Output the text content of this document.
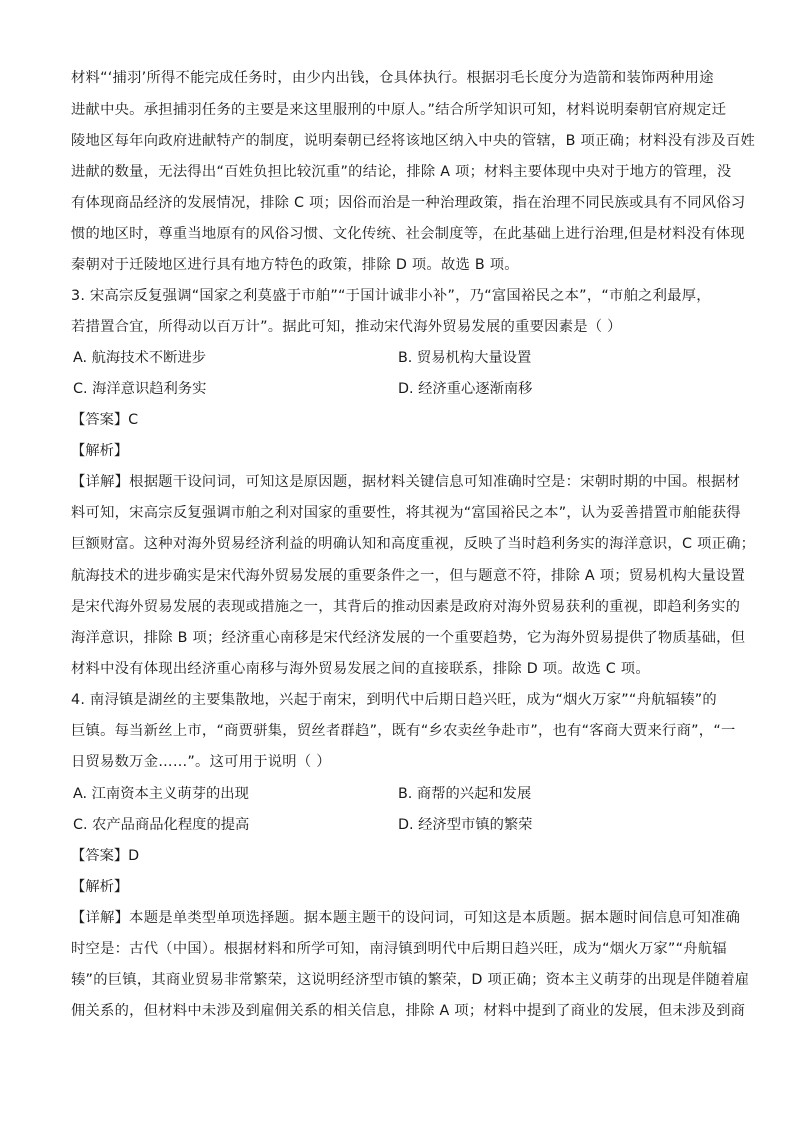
材料“‘捕羽’所得不能完成任务时，由少内出钱，仓具体执行。根据羽毛长度分为造箭和装饰两种用途
进献中央。承担捕羽任务的主要是来这里服刑的中原人。”结合所学知识可知，材料说明秦朝官府规定迁
陵地区每年向政府进献特产的制度，说明秦朝已经将该地区纳入中央的管辖，B 项正确；材料没有涉及百姓
进献的数量，无法得出“百姓负担比较沉重”的结论，排除 A 项；材料主要体现中央对于地方的管理，没
有体现商品经济的发展情况，排除 C 项；因俗而治是一种治理政策，指在治理不同民族或具有不同风俗习
惯的地区时，尊重当地原有的风俗习惯、文化传统、社会制度等，在此基础上进行治理,但是材料没有体现
秦朝对于迁陵地区进行具有地方特色的政策，排除 D 项。故选 B 项。
3. 宋高宗反复强调“国家之利莫盛于市舶”“于国计诚非小补”，乃“富国裕民之本”，“市舶之利最厚，
若措置合宜，所得动以百万计”。据此可知，推动宋代海外贸易发展的重要因素是（ ）
A. 航海技术不断进步	B. 贸易机构大量设置
C. 海洋意识趋利务实	D. 经济重心逐渐南移
【答案】C
【解析】
【详解】根据题干设问词，可知这是原因题，据材料关键信息可知准确时空是：宋朝时期的中国。根据材
料可知，宋高宗反复强调市舶之利对国家的重要性，将其视为“富国裕民之本”，认为妥善措置市舶能获得
巨额财富。这种对海外贸易经济利益的明确认知和高度重视，反映了当时趋利务实的海洋意识，C 项正确；
航海技术的进步确实是宋代海外贸易发展的重要条件之一，但与题意不符，排除 A 项；贸易机构大量设置
是宋代海外贸易发展的表现或措施之一，其背后的推动因素是政府对海外贸易获利的重视，即趋利务实的
海洋意识，排除 B 项；经济重心南移是宋代经济发展的一个重要趋势，它为海外贸易提供了物质基础，但
材料中没有体现出经济重心南移与海外贸易发展之间的直接联系，排除 D 项。故选 C 项。
4. 南浔镇是湖丝的主要集散地，兴起于南宋，到明代中后期日趋兴旺，成为“烟火万家”“舟航辐辏”的
巨镇。每当新丝上市，“商贾骈集，贸丝者群趋”，既有“乡农卖丝争赴市”，也有“客商大贾来行商”，“一
日贸易数万金……”。这可用于说明（ ）
A. 江南资本主义萌芽的出现	B. 商帮的兴起和发展
C. 农产品商品化程度的提高	D. 经济型市镇的繁荣
【答案】D
【解析】
【详解】本题是单类型单项选择题。据本题主题干的设问词，可知这是本质题。据本题时间信息可知准确
时空是：古代（中国）。根据材料和所学可知，南浔镇到明代中后期日趋兴旺，成为“烟火万家”“舟航辐
辏”的巨镇，其商业贸易非常繁荣，这说明经济型市镇的繁荣，D 项正确；资本主义萌芽的出现是伴随着雇
佣关系的，但材料中未涉及到雇佣关系的相关信息，排除 A 项；材料中提到了商业的发展，但未涉及到商
